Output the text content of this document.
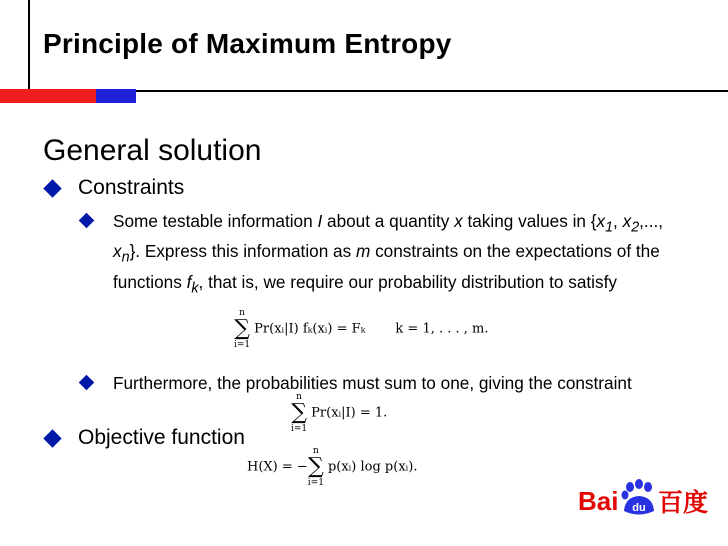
Principle of Maximum Entropy
General solution
Constraints
Some testable information I about a quantity x taking values in {$x_1$, $x_2$,..., $x_n$}. Express this information as m constraints on the expectations of the functions $f_k$, that is, we require our probability distribution to satisfy
n
∑
i=1
Pr(xᵢ|I) fₖ(xᵢ) = Fₖ k = 1, . . . , m.
Furthermore, the probabilities must sum to one, giving the constraint
n
∑
i=1
Pr(xᵢ|I) = 1.
Objective function
H(X) = −
n
∑
i=1
p(xᵢ) log p(xᵢ).
Bai du 百度
